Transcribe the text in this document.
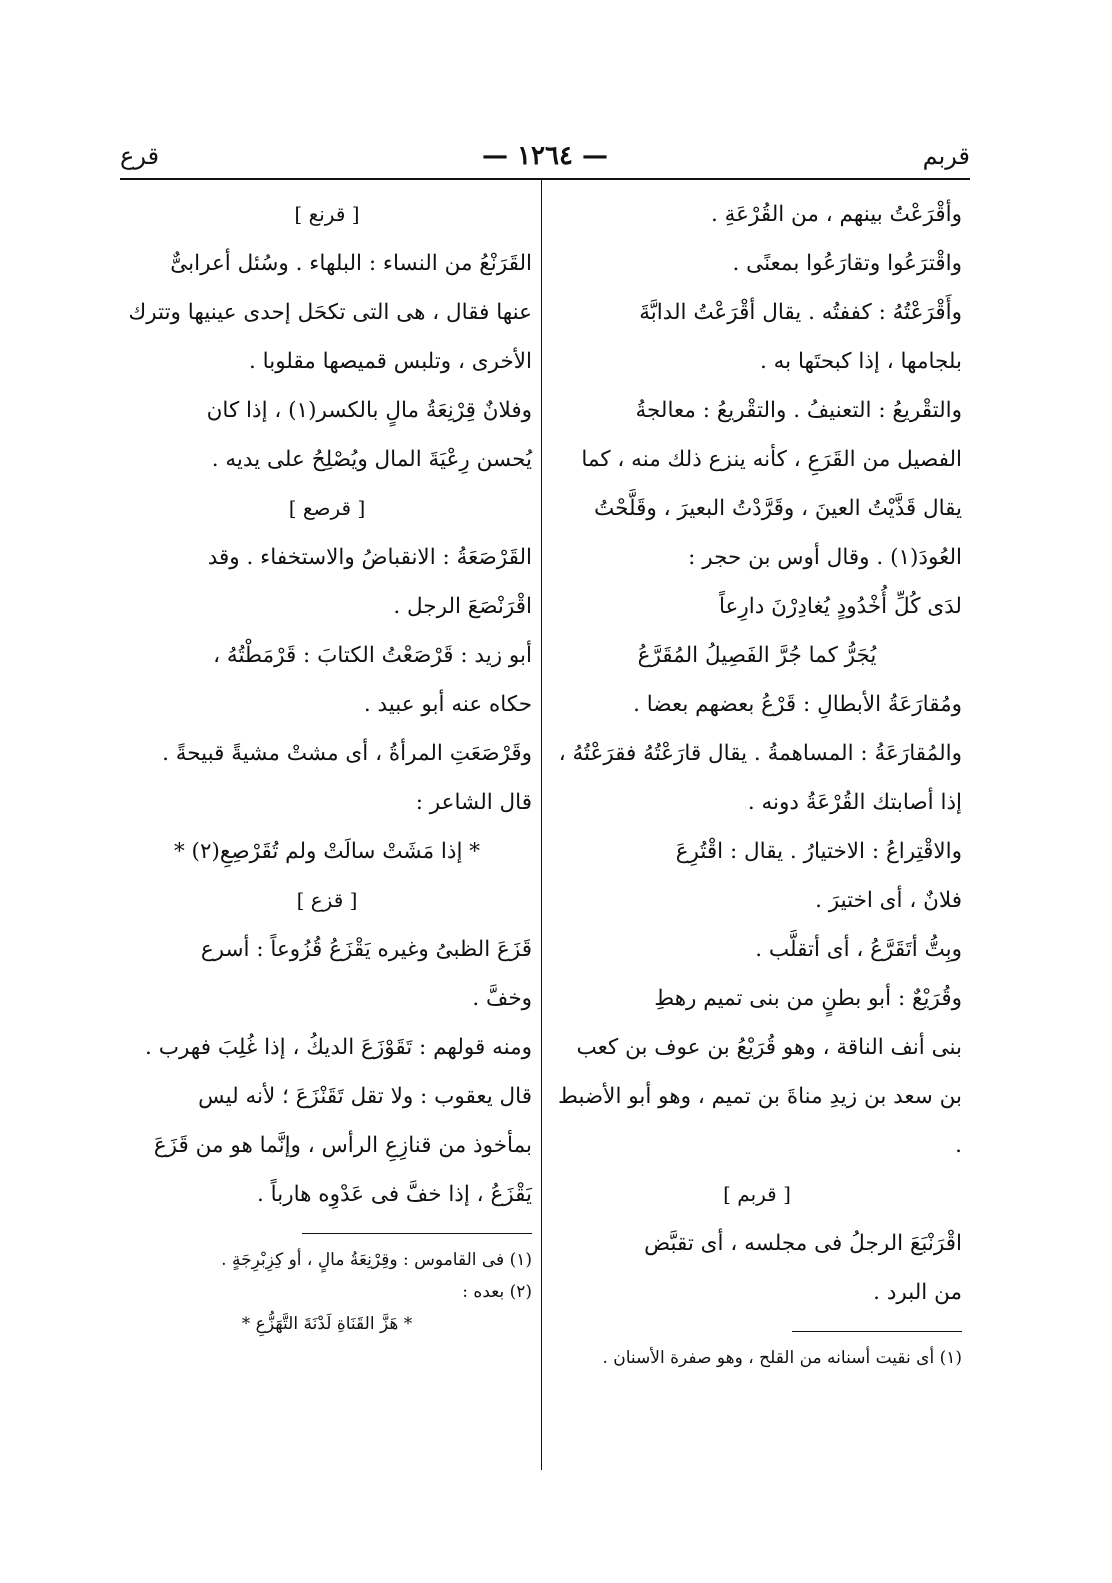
قربم
— ١٢٦٤ —
قرع

وأقْرَعْتُ بينهم ، من القُرْعَةِ .

واقْترَعُوا وتقارَعُوا بمعنًى .

وأَقْرَعْتُهُ : كففتُه . يقال أقْرَعْتُ الدابَّةَ

بلجامها ، إذا كبحتَها به .

والتقْريعُ : التعنيفُ . والتقْريعُ : معالجةُ

الفصيل من القَرَعِ ، كأنه ينزع ذلك منه ، كما

يقال قَذَّيْتُ العينَ ، وقَرَّدْتُ البعيرَ ، وقَلَّحْتُ

العُودَ(١) . وقال أوس بن حجر :

لدَى كُلِّ أُخْدُودٍ يُغادِرْنَ دارِعاً

يُجَرُّ كما جُرَّ الفَصِيلُ المُقَرَّعُ

ومُقارَعَةُ الأبطالِ : قَرْعُ بعضهم بعضا .

والمُقارَعَةُ : المساهمةُ . يقال قارَعْتُهُ فقرَعْتُهُ ،

إذا أصابتك القُرْعَةُ دونه .

والاقْتِراعُ : الاختيارُ . يقال : اقْتُرِعَ

فلانٌ ، أى اختيرَ .

وبِتُّ أتَقَرَّعُ ، أى أتقلَّب .

وقُرَيْعٌ : أبو بطنٍ من بنى تميم رهطِ

بنى أنف الناقة ، وهو قُرَيْعُ بن عوف بن كعب

بن سعد بن زيدِ مناةَ بن تميم ، وهو أبو الأضبط .

[ قربم ]

اقْرَنْبَعَ الرجلُ فى مجلسه ، أى تقبَّض

من البرد .

(١) أى نقيت أسنانه من القلح ، وهو صفرة الأسنان .

[ قرنع ]

القَرَنْعُ من النساء : البلهاء . وسُئل أعرابىٌّ

عنها فقال ، هى التى تكحَل إحدى عينيها وتترك

الأخرى ، وتلبس قميصها مقلوبا .

وفلانٌ قِرْنِعَةُ مالٍ بالكسر(١) ، إذا كان

يُحسن رِعْيَةَ المال ويُصْلِحُ على يديه .

[ قرصع ]

القَرْصَعَةُ : الانقباضُ والاستخفاء . وقد

اقْرَنْصَعَ الرجل .

أبو زيد : قَرْصَعْتُ الكتابَ : قَرْمَطْتُهُ ،

حكاه عنه أبو عبيد .

وقَرْصَعَتِ المرأةُ ، أى مشتْ مشيةً قبيحةً .

قال الشاعر :

* إذا مَشَتْ سالَتْ ولم تُقَرْصِعِ(٢) *

[ قزع ]

قَزَعَ الظبىُ وغيره يَقْزَعُ قُزُوعاً : أسرع

وخفَّ .

ومنه قولهم : تَقَوْزَعَ الديكُ ، إذا غُلِبَ فهرب .

قال يعقوب : ولا تقل تَقَنْزَعَ ؛ لأنه ليس

بمأخوذ من قنازِعِ الرأس ، وإنَّما هو من قَزَعَ

يَقْزَعُ ، إذا خفَّ فى عَدْوِه هارباً .

(١) فى القاموس : وقِرْنِعَةُ مالٍ ، أو كِزِبْرِجَةٍ .

(٢) بعده :

* هَزَّ القَنَاةِ لَدْنَةَ التَّهَزُّعِ *
